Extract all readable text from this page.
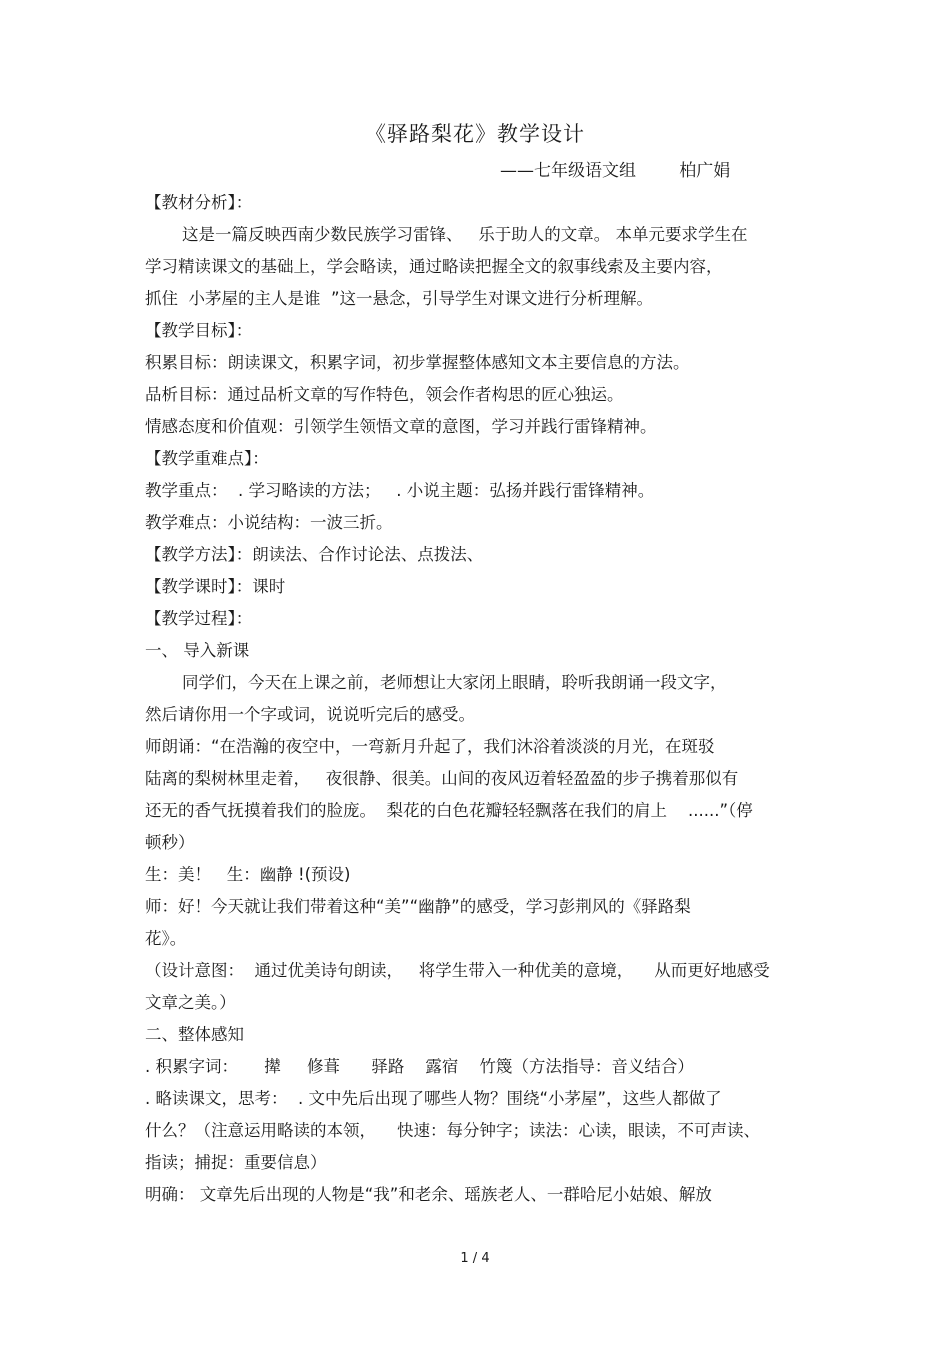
《驿路梨花》教学设计
——七年级语文组        柏广娟
【教材分析】：
这是一篇反映西南少数民族学习雷锋、   乐于助人的文章。 本单元要求学生在
学习精读课文的基础上，学会略读，通过略读把握全文的叙事线索及主要内容，
抓住  小茅屋的主人是谁  ”这一悬念，引导学生对课文进行分析理解。
【教学目标】：
积累目标：朗读课文，积累字词，初步掌握整体感知文本主要信息的方法。
品析目标：通过品析文章的写作特色，领会作者构思的匠心独运。
情感态度和价值观：引领学生领悟文章的意图，学习并践行雷锋精神。
【教学重难点】：
教学重点：  . 学习略读的方法；   . 小说主题：弘扬并践行雷锋精神。
教学难点：小说结构：一波三折。
【教学方法】：朗读法、合作讨论法、点拨法、
【教学课时】：课时
【教学过程】：
一、 导入新课
同学们，今天在上课之前，老师想让大家闭上眼睛，聆听我朗诵一段文字，
然后请你用一个字或词，说说听完后的感受。
师朗诵：“在浩瀚的夜空中，一弯新月升起了，我们沐浴着淡淡的月光，在斑驳
陆离的梨树林里走着，   夜很静、很美。山间的夜风迈着轻盈盈的步子携着那似有
还无的香气抚摸着我们的脸庞。  梨花的白色花瓣轻轻飘落在我们的肩上    ......”（停
顿秒）
生：美！   生：幽静 !(预设)
师：好！今天就让我们带着这种“美”“幽静”的感受，学习彭荆风的《驿路梨
花》。
（设计意图：  通过优美诗句朗读，   将学生带入一种优美的意境，    从而更好地感受
文章之美。）
二、整体感知
. 积累字词：     撵     修葺      驿路    露宿    竹篾（方法指导：音义结合）
. 略读课文，思考：  . 文中先后出现了哪些人物？围绕“小茅屋”，这些人都做了
什么？（注意运用略读的本领，    快速：每分钟字；读法：心读，眼读，不可声读、
指读；捕捉：重要信息）
明确： 文章先后出现的人物是“我”和老余、瑶族老人、一群哈尼小姑娘、解放
1 / 4
